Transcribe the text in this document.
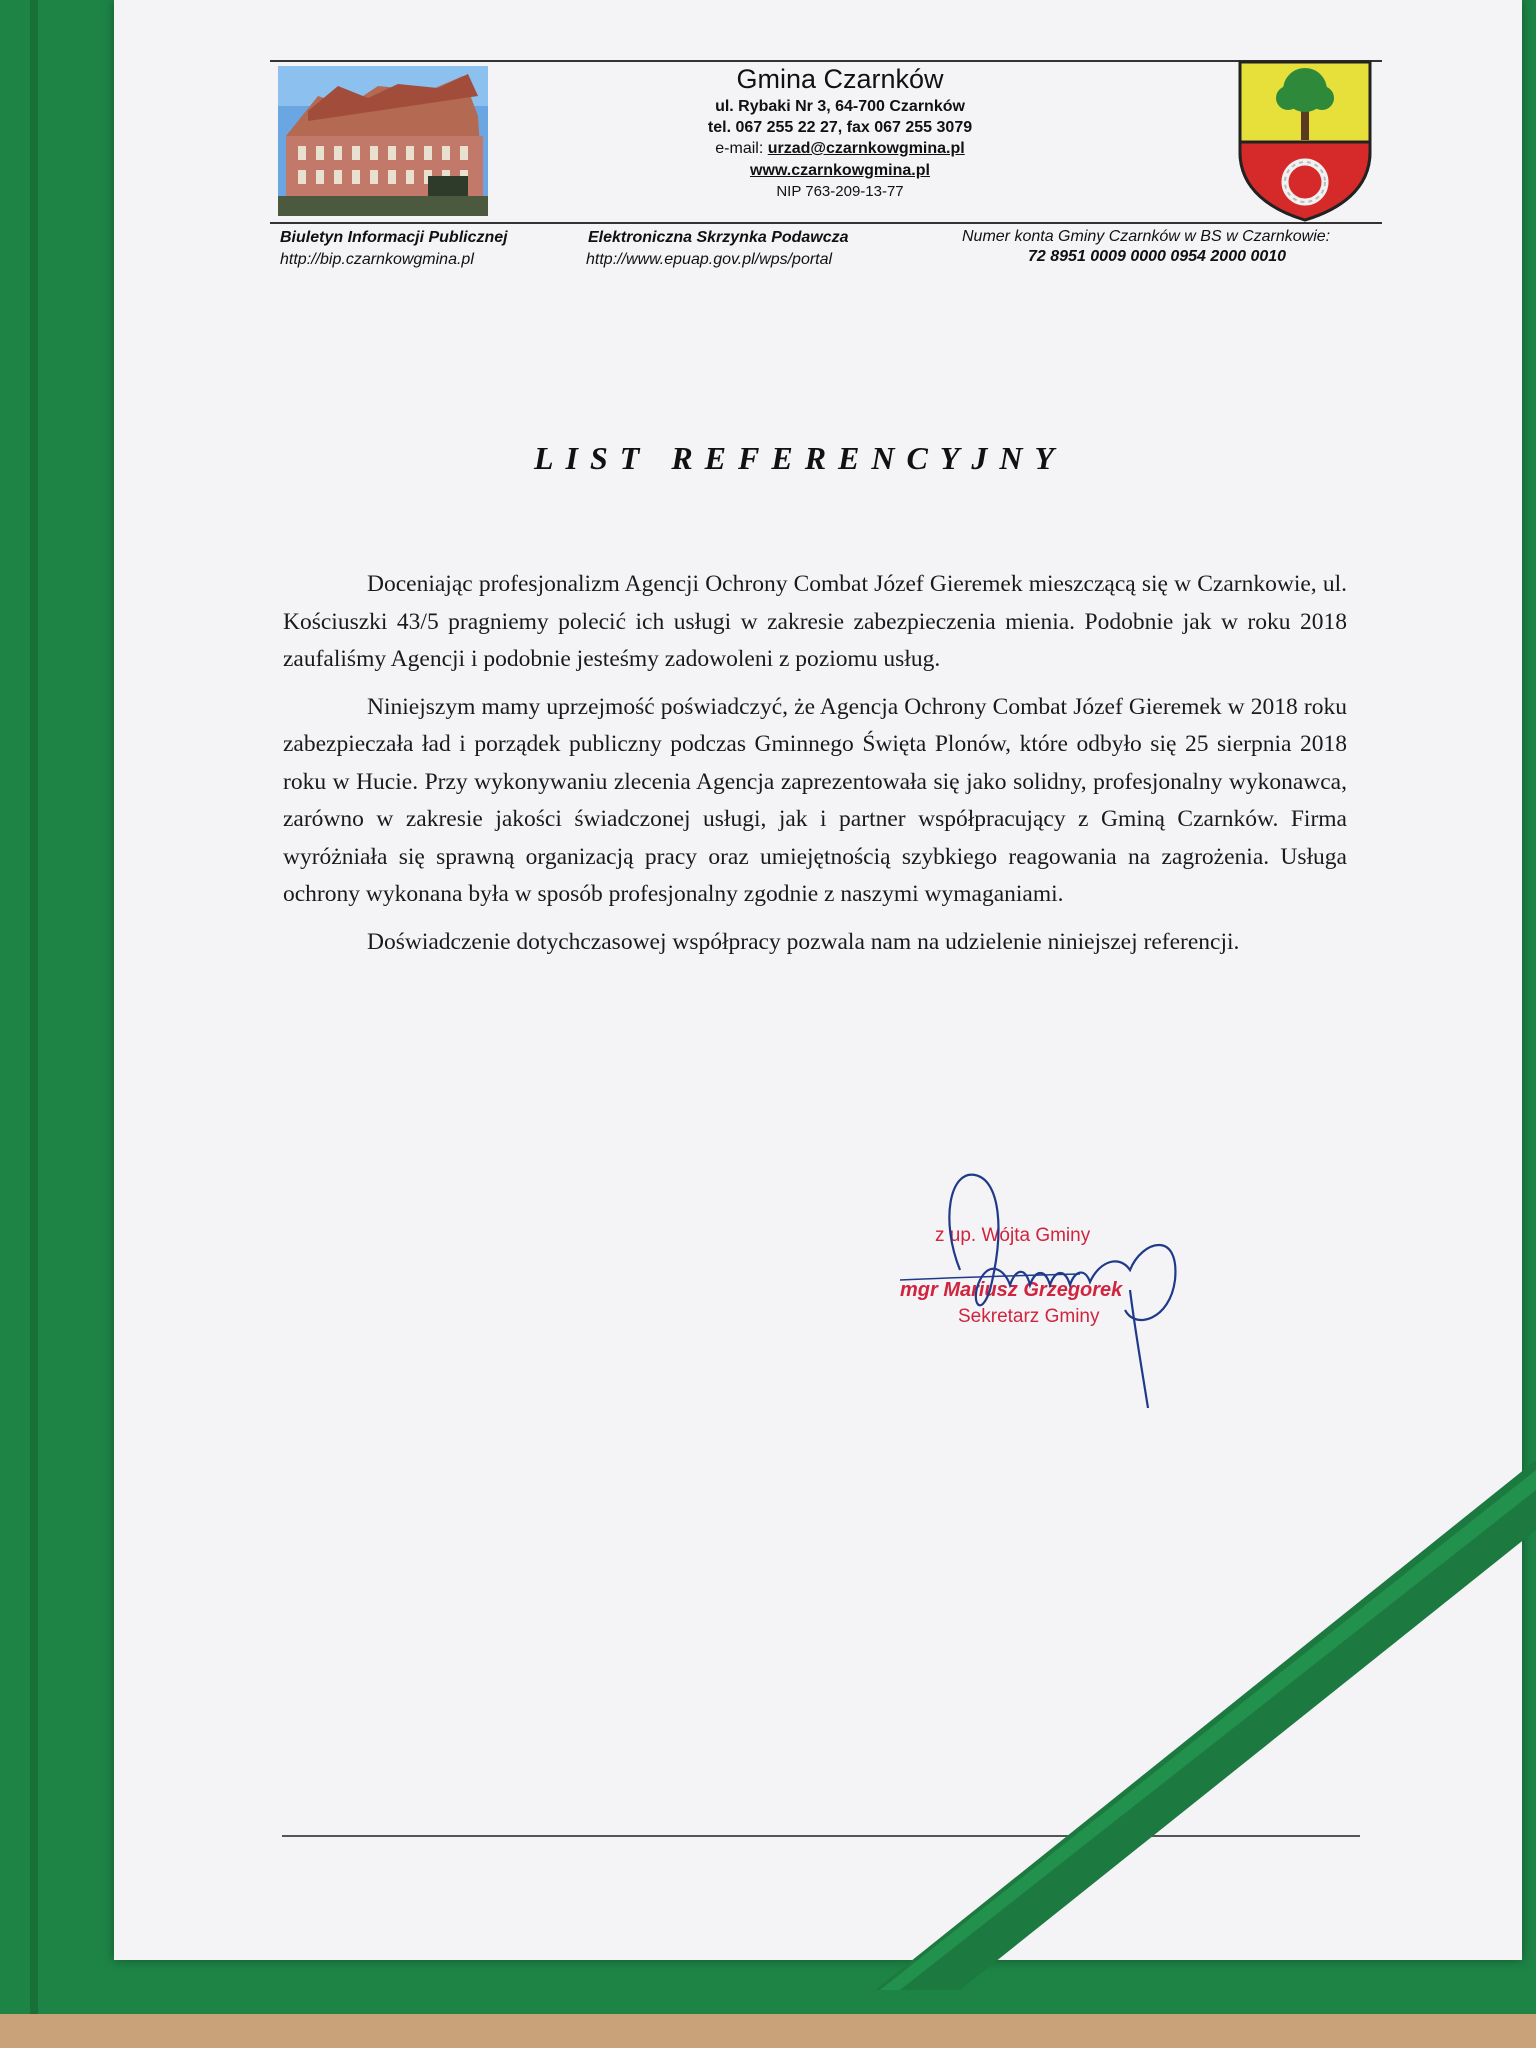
Gmina Czarnków
ul. Rybaki Nr 3, 64-700 Czarnków
tel. 067 255 22 27, fax 067 255 3079
e-mail: urzad@czarnkowgmina.pl
www.czarnkowgmina.pl
NIP 763-209-13-77
Biuletyn Informacji Publicznej
http://bip.czarnkowgmina.pl
Elektroniczna Skrzynka Podawcza
http://www.epuap.gov.pl/wps/portal
Numer konta Gminy Czarnków w BS w Czarnkowie:
72 8951 0009 0000 0954 2000 0010
LIST REFERENCYJNY

Doceniając profesjonalizm Agencji Ochrony Combat Józef Gieremek mieszczącą się w Czarnkowie, ul. Kościuszki 43/5 pragniemy polecić ich usługi w zakresie zabezpieczenia mienia. Podobnie jak w roku 2018 zaufaliśmy Agencji i podobnie jesteśmy zadowoleni z poziomu usług.

Niniejszym mamy uprzejmość poświadczyć, że Agencja Ochrony Combat Józef Gieremek w 2018 roku zabezpieczała ład i porządek publiczny podczas Gminnego Święta Plonów, które odbyło się 25 sierpnia 2018 roku w Hucie. Przy wykonywaniu zlecenia Agencja zaprezentowała się jako solidny, profesjonalny wykonawca, zarówno w zakresie jakości świadczonej usługi, jak i partner współpracujący z Gminą Czarnków. Firma wyróżniała się sprawną organizacją pracy oraz umiejętnością szybkiego reagowania na zagrożenia. Usługa ochrony wykonana była w sposób profesjonalny zgodnie z naszymi wymaganiami.

Doświadczenie dotychczasowej współpracy pozwala nam na udzielenie niniejszej referencji.

z up. Wójta Gminy
mgr Mariusz Grzegorek
Sekretarz Gminy
